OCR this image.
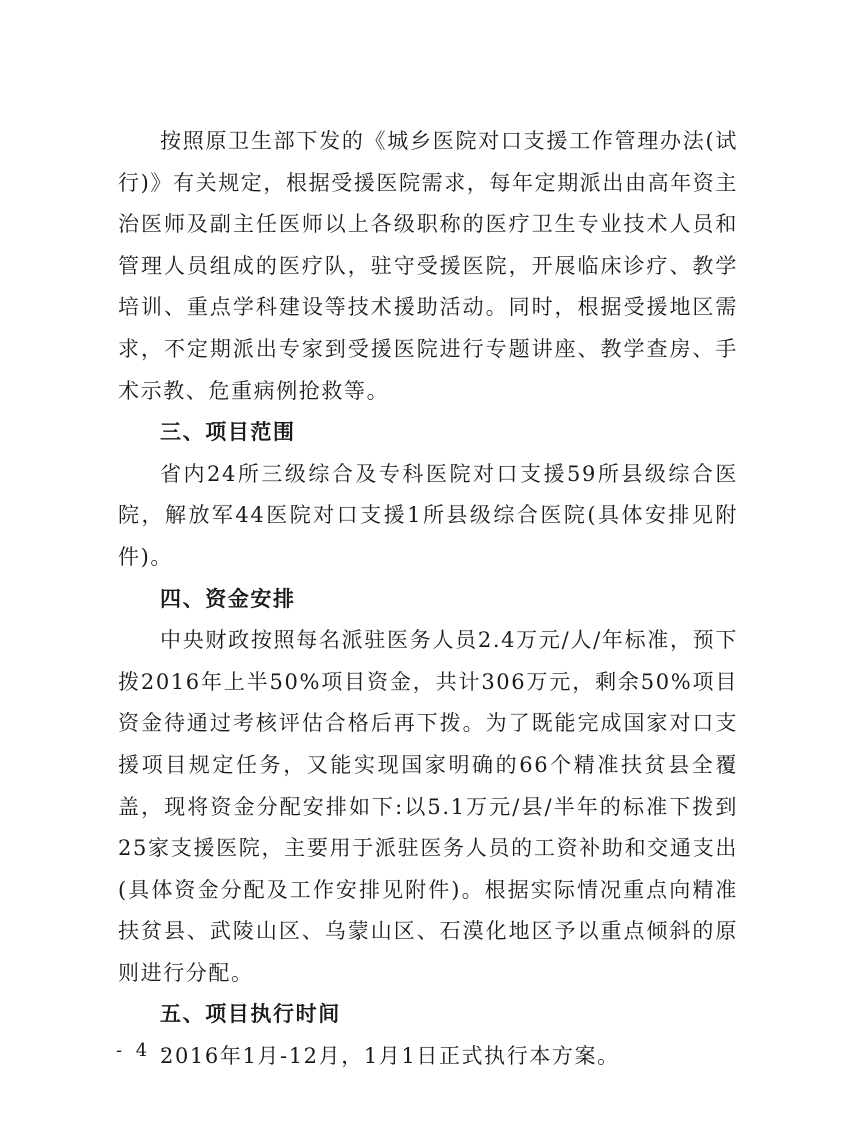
按照原卫生部下发的《城乡医院对口支援工作管理办法(试行)》有关规定，根据受援医院需求，每年定期派出由高年资主治医师及副主任医师以上各级职称的医疗卫生专业技术人员和管理人员组成的医疗队，驻守受援医院，开展临床诊疗、教学培训、重点学科建设等技术援助活动。同时，根据受援地区需求，不定期派出专家到受援医院进行专题讲座、教学查房、手术示教、危重病例抢救等。

三、项目范围

省内24所三级综合及专科医院对口支援59所县级综合医院，解放军44医院对口支援1所县级综合医院(具体安排见附件)。

四、资金安排

中央财政按照每名派驻医务人员2.4万元/人/年标准，预下拨2016年上半50%项目资金，共计306万元，剩余50%项目资金待通过考核评估合格后再下拨。为了既能完成国家对口支援项目规定任务，又能实现国家明确的66个精准扶贫县全覆盖，现将资金分配安排如下:以5.1万元/县/半年的标准下拨到25家支援医院，主要用于派驻医务人员的工资补助和交通支出(具体资金分配及工作安排见附件)。根据实际情况重点向精准扶贫县、武陵山区、乌蒙山区、石漠化地区予以重点倾斜的原则进行分配。

五、项目执行时间

2016年1月-12月，1月1日正式执行本方案。

- 4 -
